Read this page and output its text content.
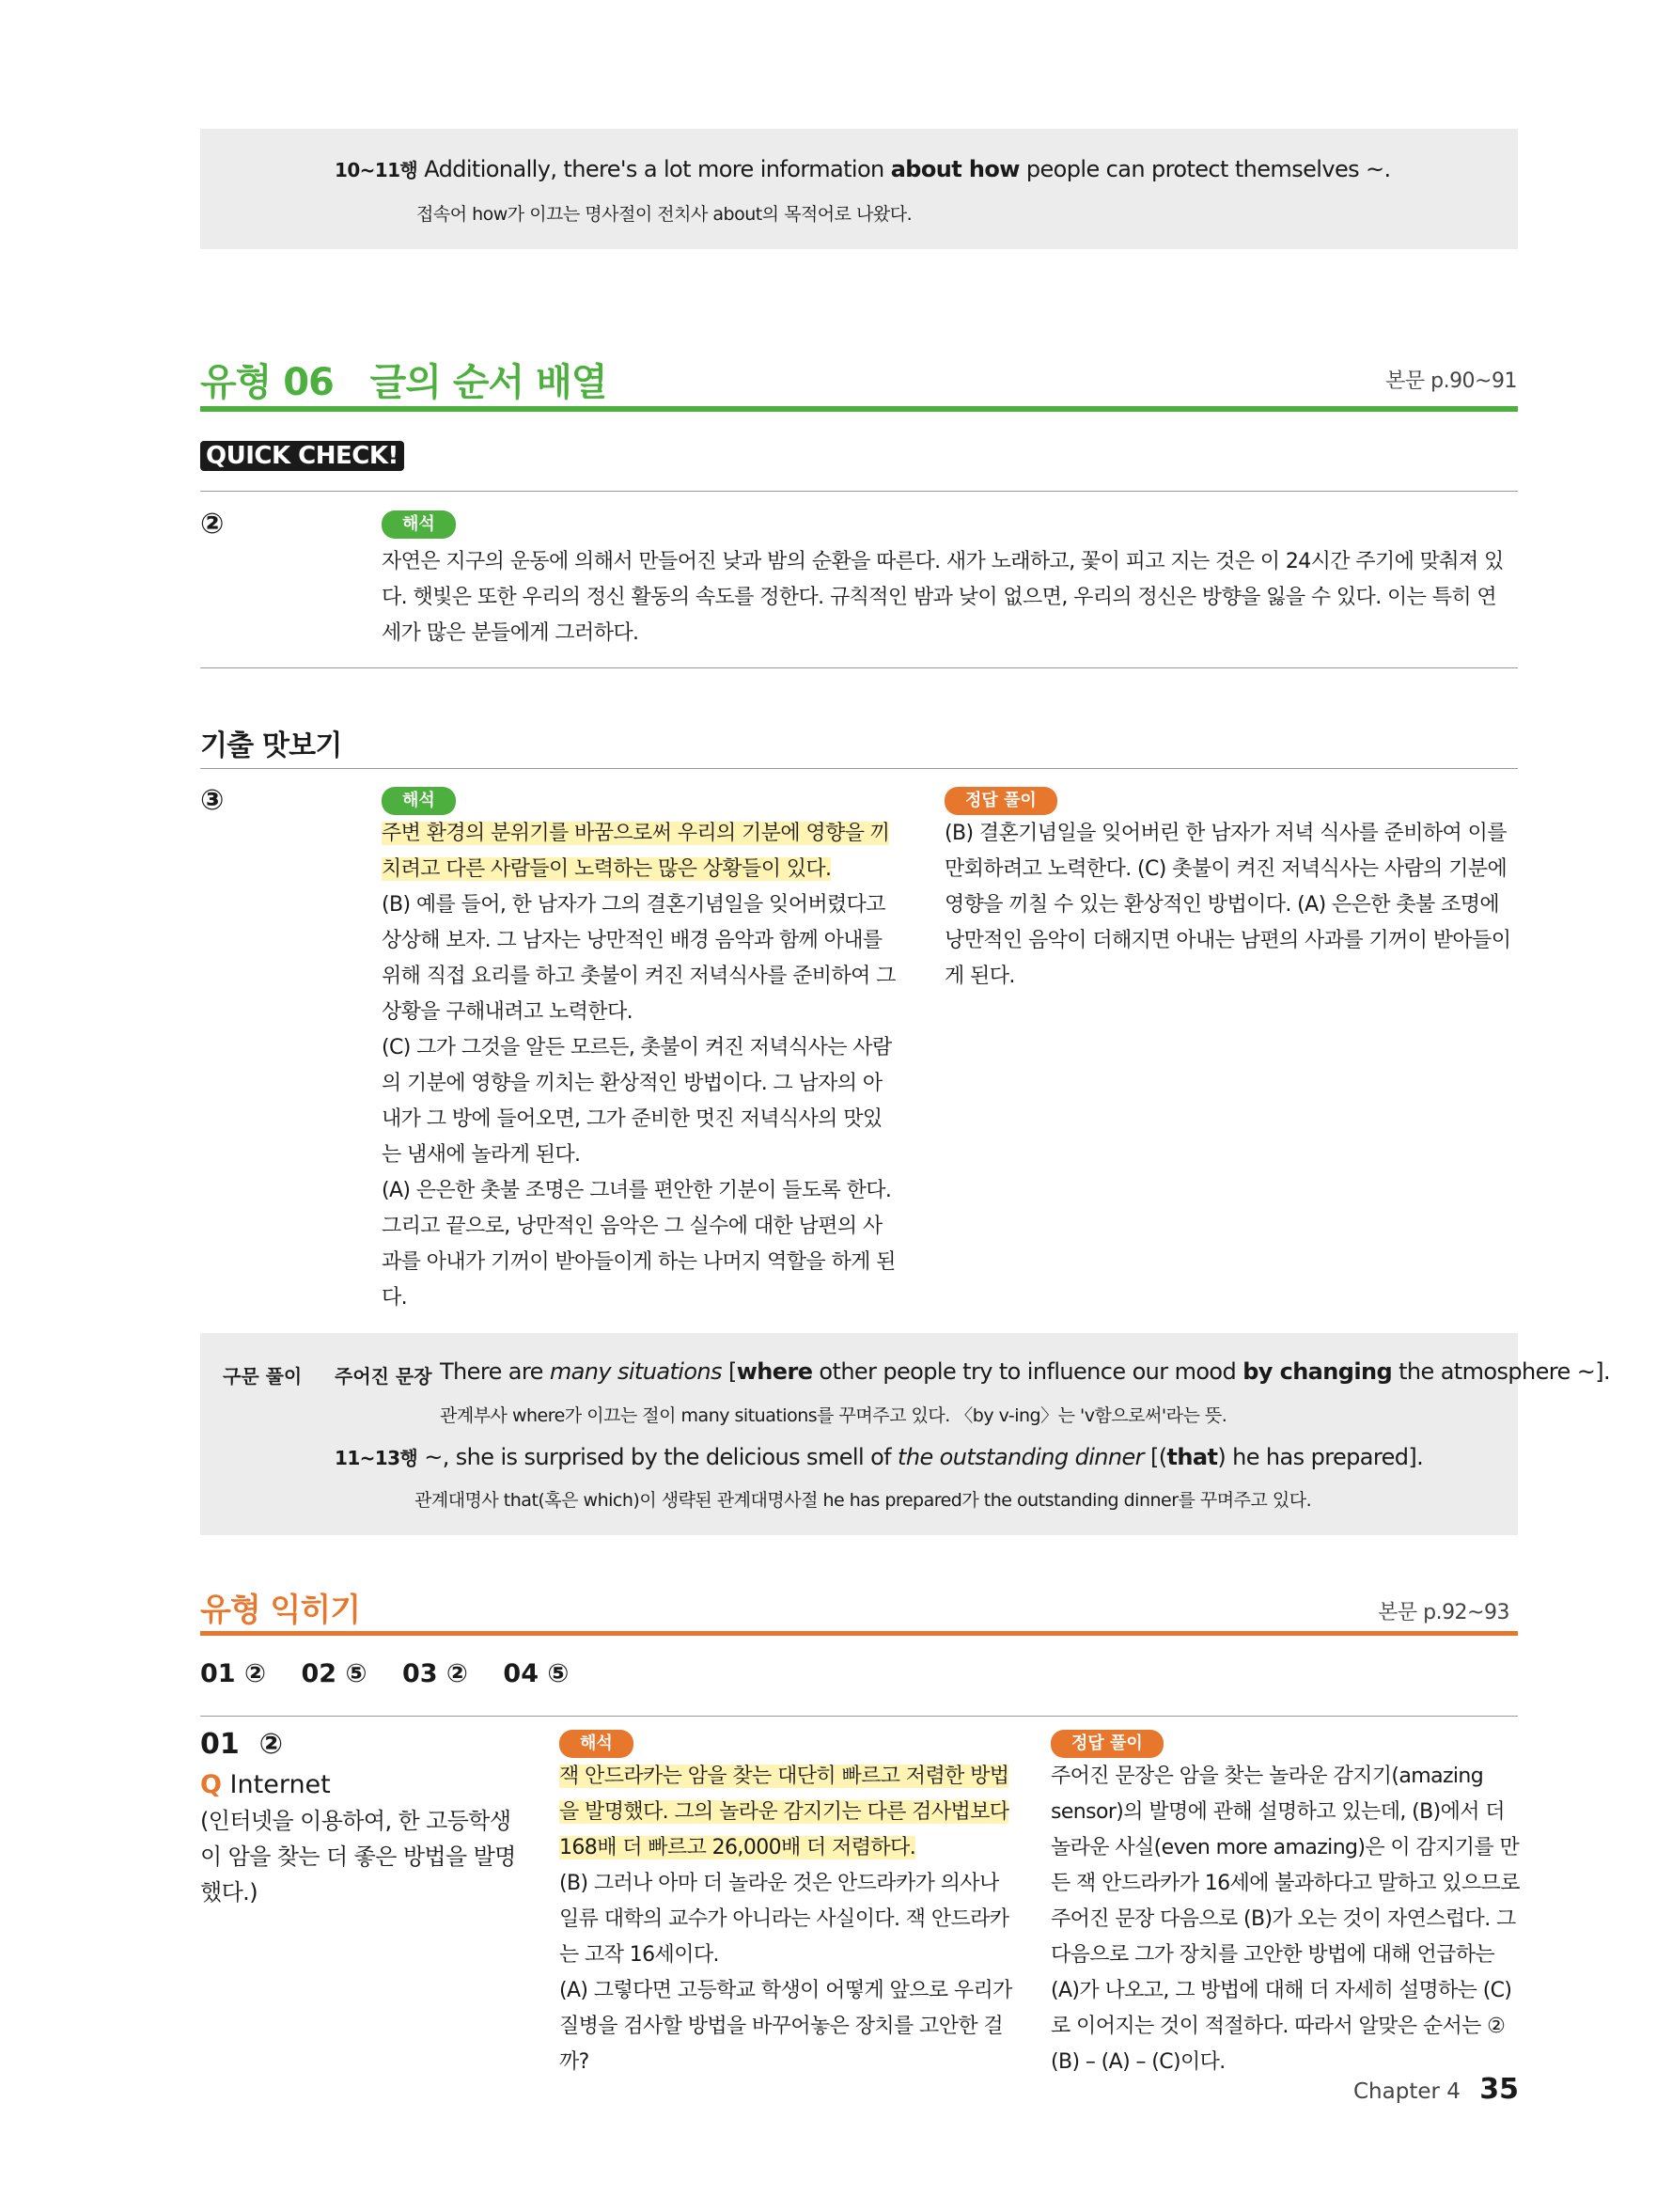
10~11행 Additionally, there's a lot more information about how people can protect themselves ~.
접속어 how가 이끄는 명사절이 전치사 about의 목적어로 나왔다.
유형 06 글의 순서 배열	본문 p.90~91
QUICK CHECK!
②	해석
자연은 지구의 운동에 의해서 만들어진 낮과 밤의 순환을 따른다. 새가 노래하고, 꽃이 피고 지는 것은 이 24시간 주기에 맞춰져 있다. 햇빛은 또한 우리의 정신 활동의 속도를 정한다. 규칙적인 밤과 낮이 없으면, 우리의 정신은 방향을 잃을 수 있다. 이는 특히 연세가 많은 분들에게 그러하다.
기출 맛보기
③	해석
주변 환경의 분위기를 바꿈으로써 우리의 기분에 영향을 끼치려고 다른 사람들이 노력하는 많은 상황들이 있다.
(B) 예를 들어, 한 남자가 그의 결혼기념일을 잊어버렸다고 상상해 보자. 그 남자는 낭만적인 배경 음악과 함께 아내를 위해 직접 요리를 하고 촛불이 켜진 저녁식사를 준비하여 그 상황을 구해내려고 노력한다.
(C) 그가 그것을 알든 모르든, 촛불이 켜진 저녁식사는 사람의 기분에 영향을 끼치는 환상적인 방법이다. 그 남자의 아내가 그 방에 들어오면, 그가 준비한 멋진 저녁식사의 맛있는 냄새에 놀라게 된다.
(A) 은은한 촛불 조명은 그녀를 편안한 기분이 들도록 한다. 그리고 끝으로, 낭만적인 음악은 그 실수에 대한 남편의 사과를 아내가 기꺼이 받아들이게 하는 나머지 역할을 하게 된다.
정답 풀이
(B) 결혼기념일을 잊어버린 한 남자가 저녁 식사를 준비하여 이를 만회하려고 노력한다. (C) 촛불이 켜진 저녁식사는 사람의 기분에 영향을 끼칠 수 있는 환상적인 방법이다. (A) 은은한 촛불 조명에 낭만적인 음악이 더해지면 아내는 남편의 사과를 기꺼이 받아들이게 된다.
구문 풀이 주어진 문장 There are many situations [where other people try to influence our mood by changing the atmosphere ~].
관계부사 where가 이끄는 절이 many situations를 꾸며주고 있다. 〈by v-ing〉는 'v함으로써'라는 뜻.
11~13행 ~, she is surprised by the delicious smell of the outstanding dinner [(that) he has prepared].
관계대명사 that(혹은 which)이 생략된 관계대명사절 he has prepared가 the outstanding dinner를 꾸며주고 있다.
유형 익히기	본문 p.92~93
01 ② 02 ⑤ 03 ② 04 ⑤
01 ②
Q Internet
(인터넷을 이용하여, 한 고등학생이 암을 찾는 더 좋은 방법을 발명했다.)
해석
잭 안드라카는 암을 찾는 대단히 빠르고 저렴한 방법을 발명했다. 그의 놀라운 감지기는 다른 검사법보다 168배 더 빠르고 26,000배 더 저렴하다.
(B) 그러나 아마 더 놀라운 것은 안드라카가 의사나 일류 대학의 교수가 아니라는 사실이다. 잭 안드라카는 고작 16세이다.
(A) 그렇다면 고등학교 학생이 어떻게 앞으로 우리가 질병을 검사할 방법을 바꾸어놓은 장치를 고안한 걸까?
정답 풀이
주어진 문장은 암을 찾는 놀라운 감지기(amazing sensor)의 발명에 관해 설명하고 있는데, (B)에서 더 놀라운 사실(even more amazing)은 이 감지기를 만든 잭 안드라카가 16세에 불과하다고 말하고 있으므로 주어진 문장 다음으로 (B)가 오는 것이 자연스럽다. 그다음으로 그가 장치를 고안한 방법에 대해 언급하는 (A)가 나오고, 그 방법에 대해 더 자세히 설명하는 (C)로 이어지는 것이 적절하다. 따라서 알맞은 순서는 ② (B) – (A) – (C)이다.
Chapter 4 35
